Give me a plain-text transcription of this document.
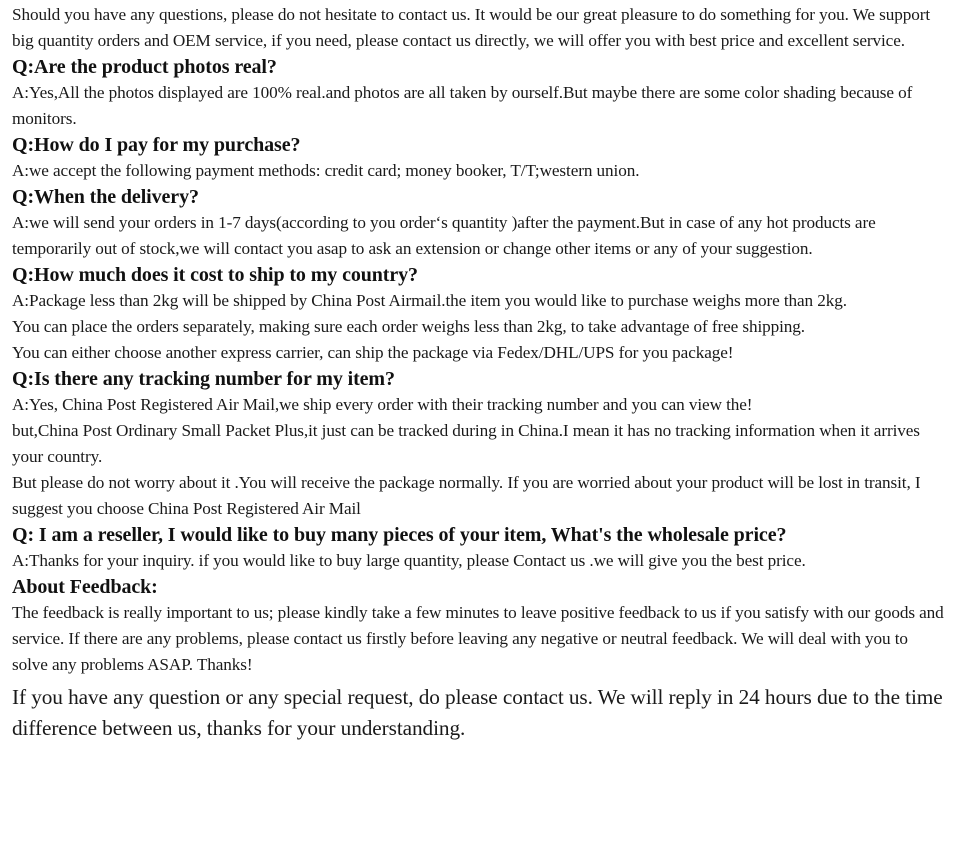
Should you have any questions, please do not hesitate to contact us. It would be our great pleasure to do something for you. We support big quantity orders and OEM service, if you need, please contact us directly, we will offer you with best price and excellent service.

Q:Are the product photos real?

A:Yes,All the photos displayed are 100% real.and photos are all taken by ourself.But maybe there are some color shading because of monitors.

Q:How do I pay for my purchase?

A:we accept the following payment methods: credit card; money booker, T/T;western union.

Q:When the delivery?

A:we will send your orders in 1-7 days(according to you order‘s quantity )after the payment.But in case of any hot products are temporarily out of stock,we will contact you asap to ask an extension or change other items or any of your suggestion.

Q:How much does it cost to ship to my country?

A:Package less than 2kg will be shipped by China Post Airmail.the item you would like to purchase weighs more than 2kg.

You can place the orders separately, making sure each order weighs less than 2kg, to take advantage of free shipping.

You can either choose another express carrier, can ship the package via Fedex/DHL/UPS for you package!

Q:Is there any tracking number for my item?

A:Yes, China Post Registered Air Mail,we ship every order with their tracking number and you can view the!

but,China Post Ordinary Small Packet Plus,it just can be tracked during in China.I mean it has no tracking information when it arrives your country.

But please do not worry about it .You will receive the package normally. If you are worried about your product will be lost in transit, I suggest you choose China Post Registered Air Mail

Q: I am a reseller, I would like to buy many pieces of your item, What's the wholesale price?

A:Thanks for your inquiry. if you would like to buy large quantity, please Contact us .we will give you the best price.

About Feedback:

The feedback is really important to us; please kindly take a few minutes to leave positive feedback to us if you satisfy with our goods and service. If there are any problems, please contact us firstly before leaving any negative or neutral feedback. We will deal with you to solve any problems ASAP. Thanks!

If you have any question or any special request, do please contact us. We will reply in 24 hours due to the time difference between us, thanks for your understanding.
